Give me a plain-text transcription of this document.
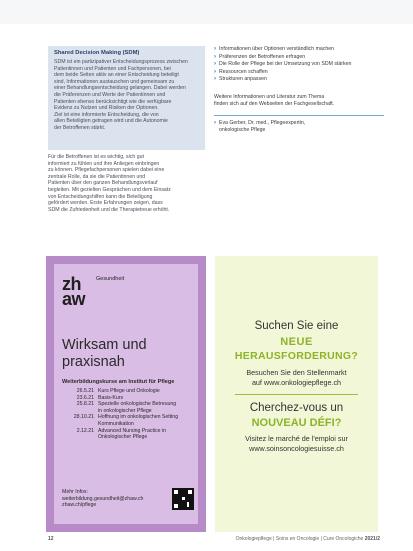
Shared Decision Making (SDM)
SDM ist ein partizipativer Entscheidungsprozess zwischen
Patientinnen und Patienten und Fachpersonen, bei
dem beide Seiten aktiv an einer Entscheidung beteiligt
sind, Informationen austauschen und gemeinsam zu
einer Behandlungsentscheidung gelangen. Dabei werden
die Präferenzen und Werte der Patientinnen und
Patienten ebenso berücksichtigt wie die verfügbare
Evidenz zu Nutzen und Risiken der Optionen.
Ziel ist eine informierte Entscheidung, die von
allen Beteiligten getragen wird und die Autonomie
der Betroffenen stärkt.
› Informationen über Optionen verständlich machen
› Präferenzen der Betroffenen erfragen
› Die Rolle der Pflege bei der Umsetzung von SDM stärken
› Ressourcen schaffen
› Strukturen anpassen
Weitere Informationen und Literatur zum Thema
finden sich auf den Webseiten der Fachgesellschaft.
› Eva Gerber, Dr. med., Pflegeexpertin,
onkologische Pflege
Für die Betroffenen ist es wichtig, sich gut
informiert zu fühlen und ihre Anliegen einbringen
zu können. Pflegefachpersonen spielen dabei eine
zentrale Rolle, da sie die Patientinnen und
Patienten über den ganzen Behandlungsverlauf
begleiten. Mit gezielten Gesprächen und dem Einsatz
von Entscheidungshilfen kann die Beteiligung
gefördert werden. Erste Erfahrungen zeigen, dass
SDM die Zufriedenheit und die Therapietreue erhöht.
zh
aw
Gesundheit
Wirksam und
praxisnah
Weiterbildungskurse am Institut für Pflege
26.5.21 Kurs Pflege und Onkologie
23.6.21 Basis-Kurs
25.8.21 Spezielle onkologische Betreuung
in onkologischer Pflege
28.10.21 Hoffnung im onkologischen Setting
Kommunikation
2.12.21 Advanced Nursing Practice in
Onkologischer Pflege
Mehr Infos:
weiterbildung.gesundheit@zhaw.ch
zhaw.ch/pflege
Suchen Sie eine
NEUE
HERAUSFORDERUNG?
Besuchen Sie den Stellenmarkt
auf www.onkologiepflege.ch
Cherchez-vous un
NOUVEAU DÉFI?
Visitez le marché de l'emploi sur
www.soinsoncologiesuisse.ch
12	Onkologiepflege | Soins en Oncologie | Cure Oncologiche 2021/2
